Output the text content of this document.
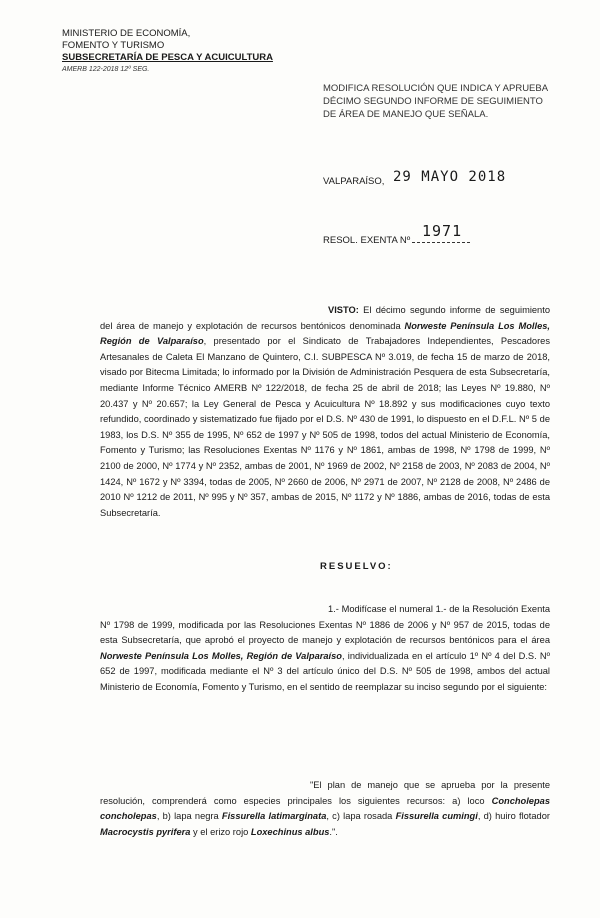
MINISTERIO DE ECONOMÍA,
FOMENTO Y TURISMO
SUBSECRETARÍA DE PESCA Y ACUICULTURA
AMERB 122-2018 12º SEG.
MODIFICA RESOLUCIÓN QUE INDICA Y APRUEBA DÉCIMO SEGUNDO INFORME DE SEGUIMIENTO DE ÁREA DE MANEJO QUE SEÑALA.
VALPARAÍSO, 29 MAYO 2018
RESOL. EXENTA Nº
1971

VISTO: El décimo segundo informe de seguimiento del área de manejo y explotación de recursos bentónicos denominada Norweste Península Los Molles, Región de Valparaíso, presentado por el Sindicato de Trabajadores Independientes, Pescadores Artesanales de Caleta El Manzano de Quintero, C.I. SUBPESCA Nº 3.019, de fecha 15 de marzo de 2018, visado por Bitecma Limitada; lo informado por la División de Administración Pesquera de esta Subsecretaría, mediante Informe Técnico AMERB Nº 122/2018, de fecha 25 de abril de 2018; las Leyes Nº 19.880, Nº 20.437 y Nº 20.657; la Ley General de Pesca y Acuicultura Nº 18.892 y sus modificaciones cuyo texto refundido, coordinado y sistematizado fue fijado por el D.S. Nº 430 de 1991, lo dispuesto en el D.F.L. Nº 5 de 1983, los D.S. Nº 355 de 1995, Nº 652 de 1997 y Nº 505 de 1998, todos del actual Ministerio de Economía, Fomento y Turismo; las Resoluciones Exentas Nº 1176 y Nº 1861, ambas de 1998, Nº 1798 de 1999, Nº 2100 de 2000, Nº 1774 y Nº 2352, ambas de 2001, Nº 1969 de 2002, Nº 2158 de 2003, Nº 2083 de 2004, Nº 1424, Nº 1672 y Nº 3394, todas de 2005, Nº 2660 de 2006, Nº 2971 de 2007, Nº 2128 de 2008, Nº 2486 de 2010 Nº 1212 de 2011, Nº 995 y Nº 357, ambas de 2015, Nº 1172 y Nº 1886, ambas de 2016, todas de esta Subsecretaría.

RESUELVO:

1.- Modifícase el numeral 1.- de la Resolución Exenta Nº 1798 de 1999, modificada por las Resoluciones Exentas Nº 1886 de 2006 y Nº 957 de 2015, todas de esta Subsecretaría, que aprobó el proyecto de manejo y explotación de recursos bentónicos para el área Norweste Península Los Molles, Región de Valparaíso, individualizada en el artículo 1º Nº 4 del D.S. Nº 652 de 1997, modificada mediante el Nº 3 del artículo único del D.S. Nº 505 de 1998, ambos del actual Ministerio de Economía, Fomento y Turismo, en el sentido de reemplazar su inciso segundo por el siguiente:

"El plan de manejo que se aprueba por la presente resolución, comprenderá como especies principales los siguientes recursos: a) loco Concholepas concholepas, b) lapa negra Fissurella latimarginata, c) lapa rosada Fissurella cumingi, d) huiro flotador Macrocystis pyrifera y el erizo rojo Loxechinus albus.".
